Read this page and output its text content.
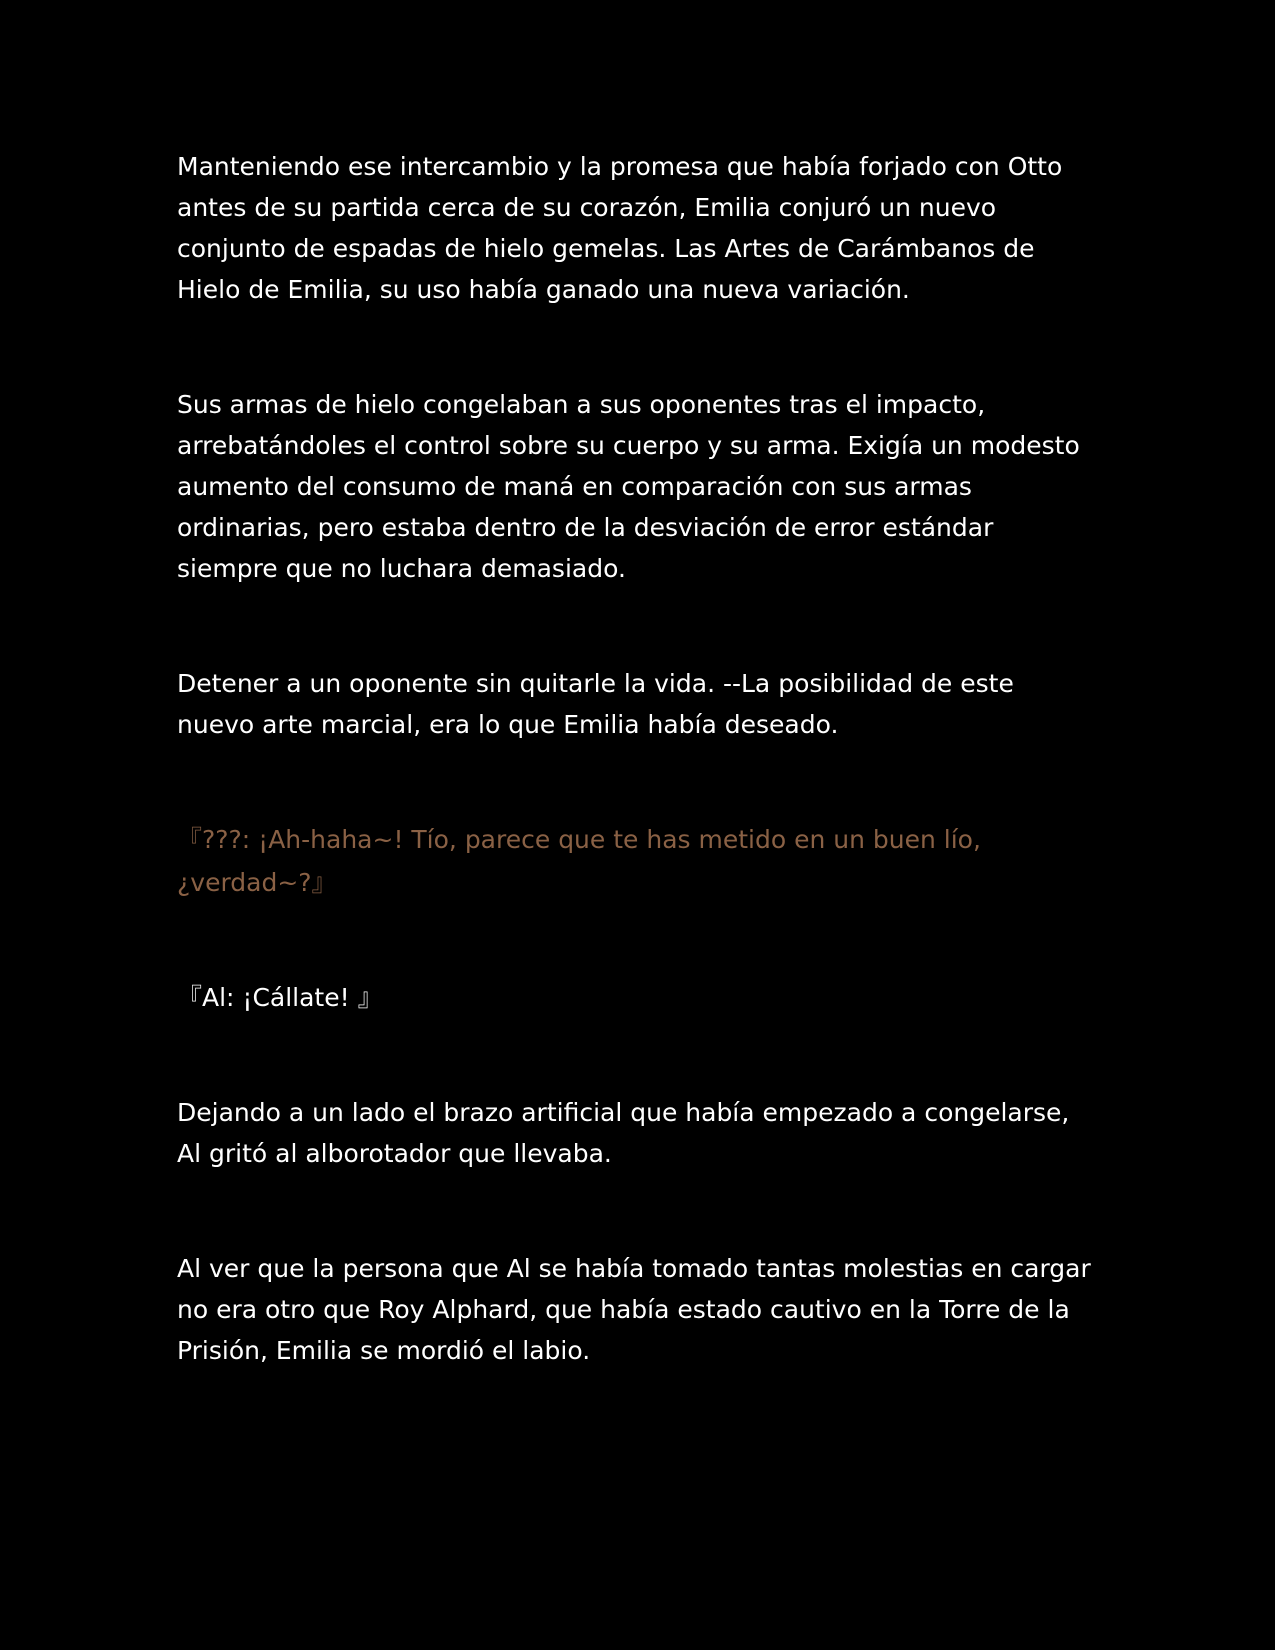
Manteniendo ese intercambio y la promesa que había forjado con Otto antes de su partida cerca de su corazón, Emilia conjuró un nuevo conjunto de espadas de hielo gemelas. Las Artes de Carámbanos de Hielo de Emilia, su uso había ganado una nueva variación.

Sus armas de hielo congelaban a sus oponentes tras el impacto, arrebatándoles el control sobre su cuerpo y su arma. Exigía un modesto aumento del consumo de maná en comparación con sus armas ordinarias, pero estaba dentro de la desviación de error estándar siempre que no luchara demasiado.

Detener a un oponente sin quitarle la vida. --La posibilidad de este nuevo arte marcial, era lo que Emilia había deseado.

『???: ¡Ah-haha~! Tío, parece que te has metido en un buen lío, ¿verdad~?』

『Al: ¡Cállate! 』

Dejando a un lado el brazo artificial que había empezado a congelarse, Al gritó al alborotador que llevaba.

Al ver que la persona que Al se había tomado tantas molestias en cargar no era otro que Roy Alphard, que había estado cautivo en la Torre de la Prisión, Emilia se mordió el labio.
